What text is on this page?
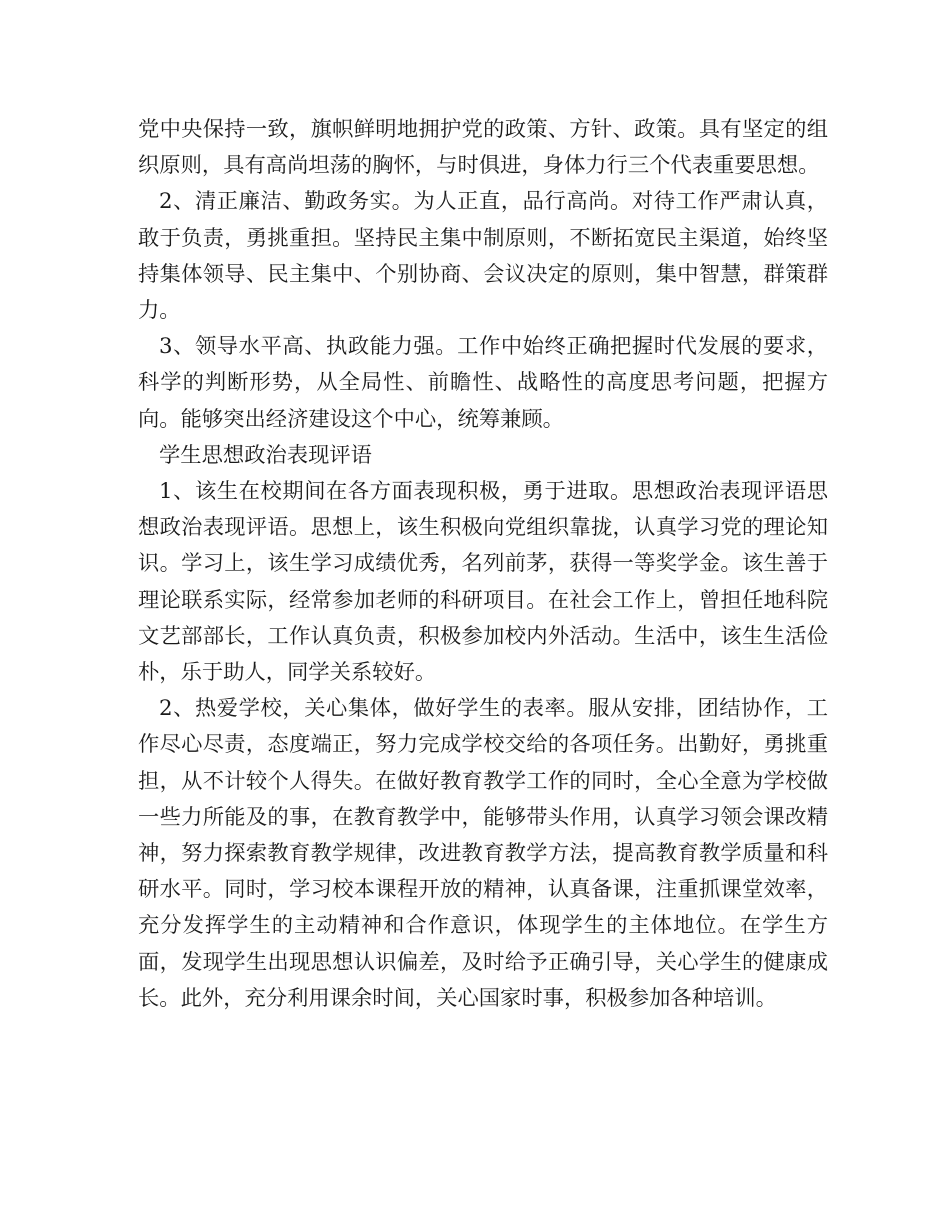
党中央保持一致，旗帜鲜明地拥护党的政策、方针、政策。具有坚定的组织原则，具有高尚坦荡的胸怀，与时俱进，身体力行三个代表重要思想。

2、清正廉洁、勤政务实。为人正直，品行高尚。对待工作严肃认真，敢于负责，勇挑重担。坚持民主集中制原则，不断拓宽民主渠道，始终坚持集体领导、民主集中、个别协商、会议决定的原则，集中智慧，群策群力。

3、领导水平高、执政能力强。工作中始终正确把握时代发展的要求，科学的判断形势，从全局性、前瞻性、战略性的高度思考问题，把握方向。能够突出经济建设这个中心，统筹兼顾。

学生思想政治表现评语

1、该生在校期间在各方面表现积极，勇于进取。思想政治表现评语思想政治表现评语。思想上，该生积极向党组织靠拢，认真学习党的理论知识。学习上，该生学习成绩优秀，名列前茅，获得一等奖学金。该生善于理论联系实际，经常参加老师的科研项目。在社会工作上，曾担任地科院文艺部部长，工作认真负责，积极参加校内外活动。生活中，该生生活俭朴，乐于助人，同学关系较好。

2、热爱学校，关心集体，做好学生的表率。服从安排，团结协作，工作尽心尽责，态度端正，努力完成学校交给的各项任务。出勤好，勇挑重担，从不计较个人得失。在做好教育教学工作的同时，全心全意为学校做一些力所能及的事，在教育教学中，能够带头作用，认真学习领会课改精神，努力探索教育教学规律，改进教育教学方法，提高教育教学质量和科研水平。同时，学习校本课程开放的精神，认真备课，注重抓课堂效率，充分发挥学生的主动精神和合作意识，体现学生的主体地位。在学生方面，发现学生出现思想认识偏差，及时给予正确引导，关心学生的健康成长。此外，充分利用课余时间，关心国家时事，积极参加各种培训。
